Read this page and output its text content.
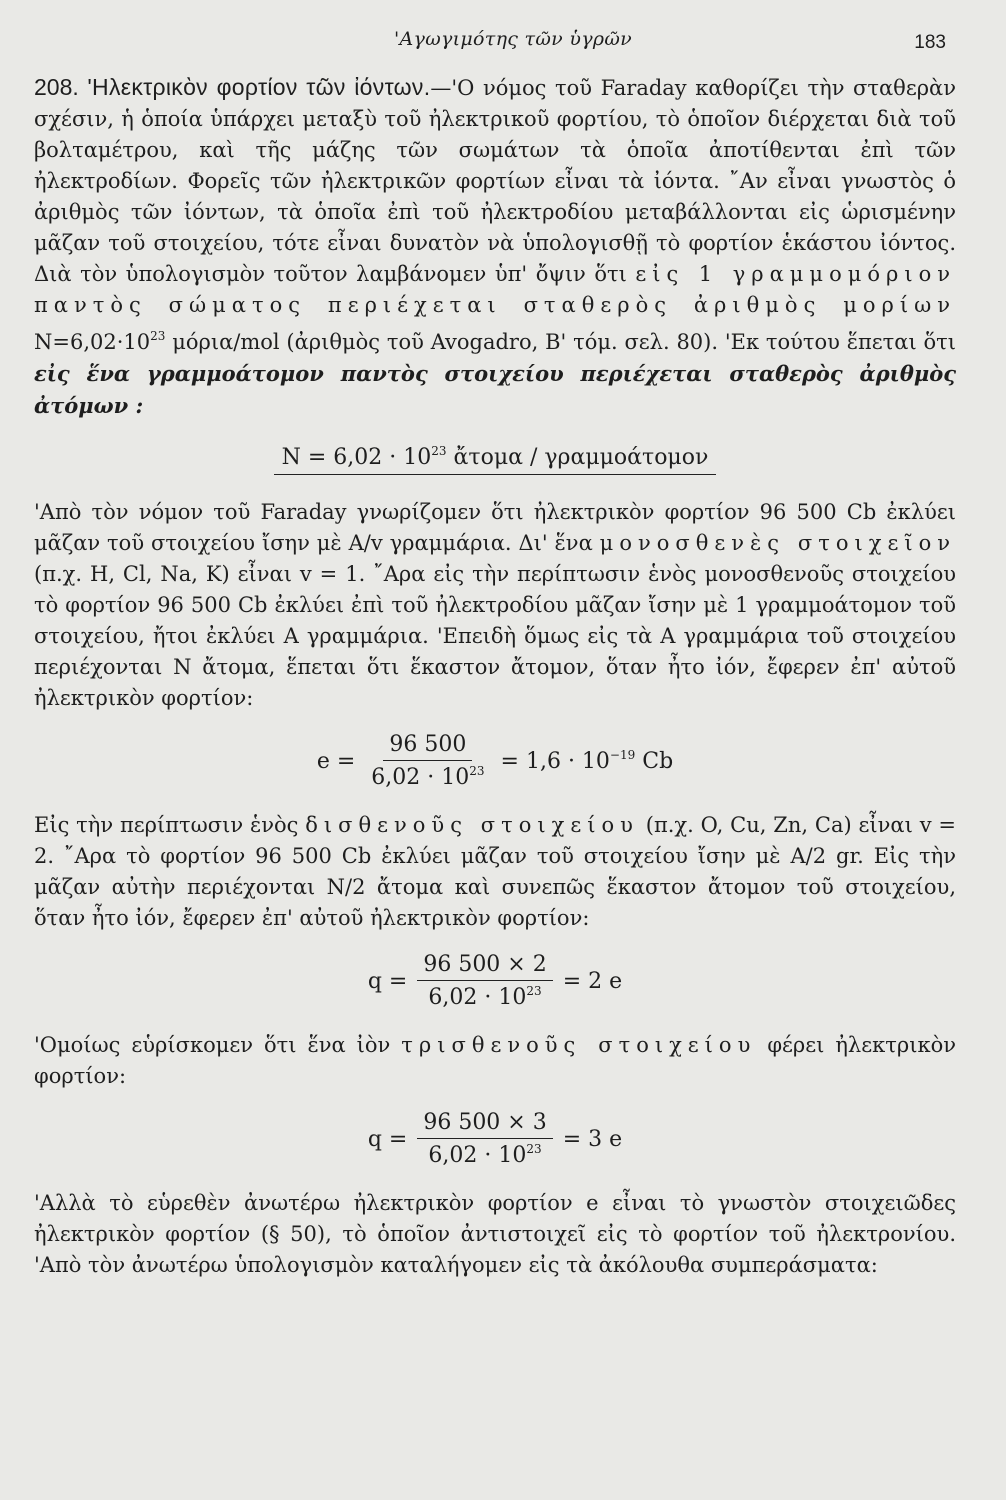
'Αγωγιμότης τῶν ὑγρῶν	183

208. 'Ηλεκτρικὸν φορτίον τῶν ἰόντων.—'Ο νόμος τοῦ Faraday καθορίζει τὴν σταθερὰν σχέσιν, ἡ ὁποία ὑπάρχει μεταξὺ τοῦ ἠλεκτρικοῦ φορτίου, τὸ ὁποῖον διέρχεται διὰ τοῦ βολταμέτρου, καὶ τῆς μάζης τῶν σωμάτων τὰ ὁποῖα ἀποτίθενται ἐπὶ τῶν ἠλεκτροδίων. Φορεῖς τῶν ἠλεκτρικῶν φορτίων εἶναι τὰ ἰόντα. ῎Αν εἶναι γνωστὸς ὁ ἀριθμὸς τῶν ἰόντων, τὰ ὁποῖα ἐπὶ τοῦ ἠλεκτροδίου μεταβάλλονται εἰς ὡρισμένην μᾶζαν τοῦ στοιχείου, τότε εἶναι δυνατὸν νὰ ὑπολογισθῇ τὸ φορτίον ἑκάστου ἰόντος. Διὰ τὸν ὑπολογισμὸν τοῦτον λαμβάνομεν ὑπ' ὄψιν ὅτι εἰς 1 γραμμομόριον παντὸς σώματος περιέχεται σταθερὸς ἀριθμὸς μορίων $N=6,02\cdot 10^{23}$ μόρια/mol (ἀριθμὸς τοῦ Avogadro, B' τόμ. σελ. 80). 'Εκ τούτου ἕπεται ὅτι εἰς ἕνα γραμμοάτομον παντὸς στοιχείου περιέχεται σταθερὸς ἀριθμὸς ἀτόμων :

$N = 6,02 \cdot 10^{23}$ ἄτομα / γραμμοάτομον

'Απὸ τὸν νόμον τοῦ Faraday γνωρίζομεν ὅτι ἠλεκτρικὸν φορτίον 96 500 Cb ἐκλύει μᾶζαν τοῦ στοιχείου ἴσην μὲ A/v γραμμάρια. Δι' ἕνα μονοσθενὲς στοιχεῖον (π.χ. H, Cl, Na, K) εἶναι v = 1. ῎Αρα εἰς τὴν περίπτωσιν ἑνὸς μονοσθενοῦς στοιχείου τὸ φορτίον 96 500 Cb ἐκλύει ἐπὶ τοῦ ἠλεκτροδίου μᾶζαν ἴσην μὲ 1 γραμμοάτομον τοῦ στοιχείου, ἤτοι ἐκλύει A γραμμάρια. 'Επειδὴ ὅμως εἰς τὰ A γραμμάρια τοῦ στοιχείου περιέχονται N ἄτομα, ἕπεται ὅτι ἕκαστον ἄτομον, ὅταν ἦτο ἰόν, ἔφερεν ἐπ' αὐτοῦ ἠλεκτρικὸν φορτίον:

$e = \frac{96 500}{6,02 \cdot 10^{23}} = 1,6 \cdot 10^{-19}$ Cb

Εἰς τὴν περίπτωσιν ἑνὸς δισθενοῦς στοιχείου (π.χ. O, Cu, Zn, Ca) εἶναι v = 2. ῎Αρα τὸ φορτίον 96 500 Cb ἐκλύει μᾶζαν τοῦ στοιχείου ἴσην μὲ A/2 gr. Εἰς τὴν μᾶζαν αὐτὴν περιέχονται N/2 ἄτομα καὶ συνεπῶς ἕκαστον ἄτομον τοῦ στοιχείου, ὅταν ἦτο ἰόν, ἔφερεν ἐπ' αὐτοῦ ἠλεκτρικὸν φορτίον:

$q = \frac{96 500 \times 2}{6,02 \cdot 10^{23}} = 2$ e

'Ομοίως εὑρίσκομεν ὅτι ἕνα ἰὸν τρισθενοῦς στοιχείου φέρει ἠλεκτρικὸν φορτίον:

$q = \frac{96 500 \times 3}{6,02 \cdot 10^{23}} = 3$ e

'Αλλὰ τὸ εὑρεθὲν ἀνωτέρω ἠλεκτρικὸν φορτίον e εἶναι τὸ γνωστὸν στοιχειῶδες ἠλεκτρικὸν φορτίον (§ 50), τὸ ὁποῖον ἀντιστοιχεῖ εἰς τὸ φορτίον τοῦ ἠλεκτρονίου. 'Απὸ τὸν ἀνωτέρω ὑπολογισμὸν καταλήγομεν εἰς τὰ ἀκόλουθα συμπεράσματα:
